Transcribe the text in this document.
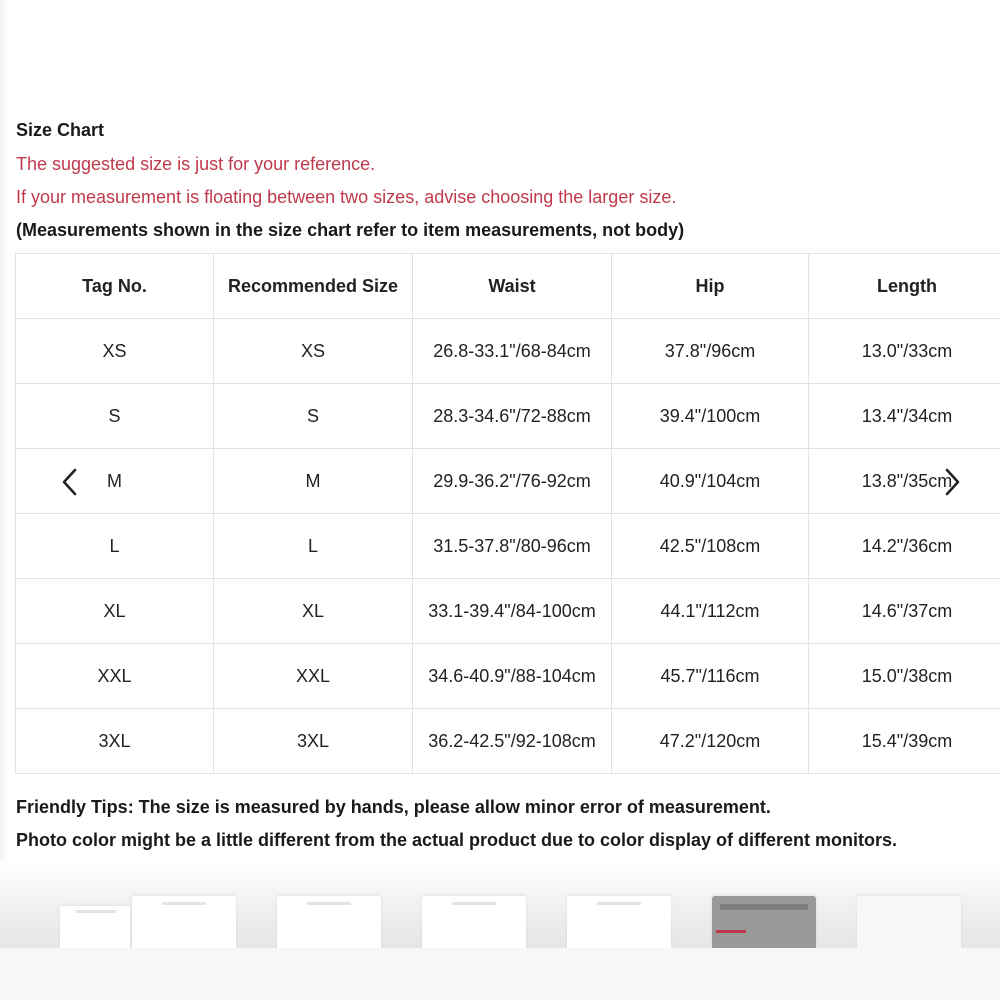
Size Chart

The suggested size is just for your reference.

If your measurement is floating between two sizes, advise choosing the larger size.

(Measurements shown in the size chart refer to item measurements, not body)

Tag No.	Recommended Size	Waist	Hip	Length
XS	XS	26.8-33.1"/68-84cm	37.8"/96cm	13.0"/33cm
S	S	28.3-34.6"/72-88cm	39.4"/100cm	13.4"/34cm
M	M	29.9-36.2"/76-92cm	40.9"/104cm	13.8"/35cm
L	L	31.5-37.8"/80-96cm	42.5"/108cm	14.2"/36cm
XL	XL	33.1-39.4"/84-100cm	44.1"/112cm	14.6"/37cm
XXL	XXL	34.6-40.9"/88-104cm	45.7"/116cm	15.0"/38cm
3XL	3XL	36.2-42.5"/92-108cm	47.2"/120cm	15.4"/39cm

Friendly Tips: The size is measured by hands, please allow minor error of measurement.

Photo color might be a little different from the actual product due to color display of different monitors.
